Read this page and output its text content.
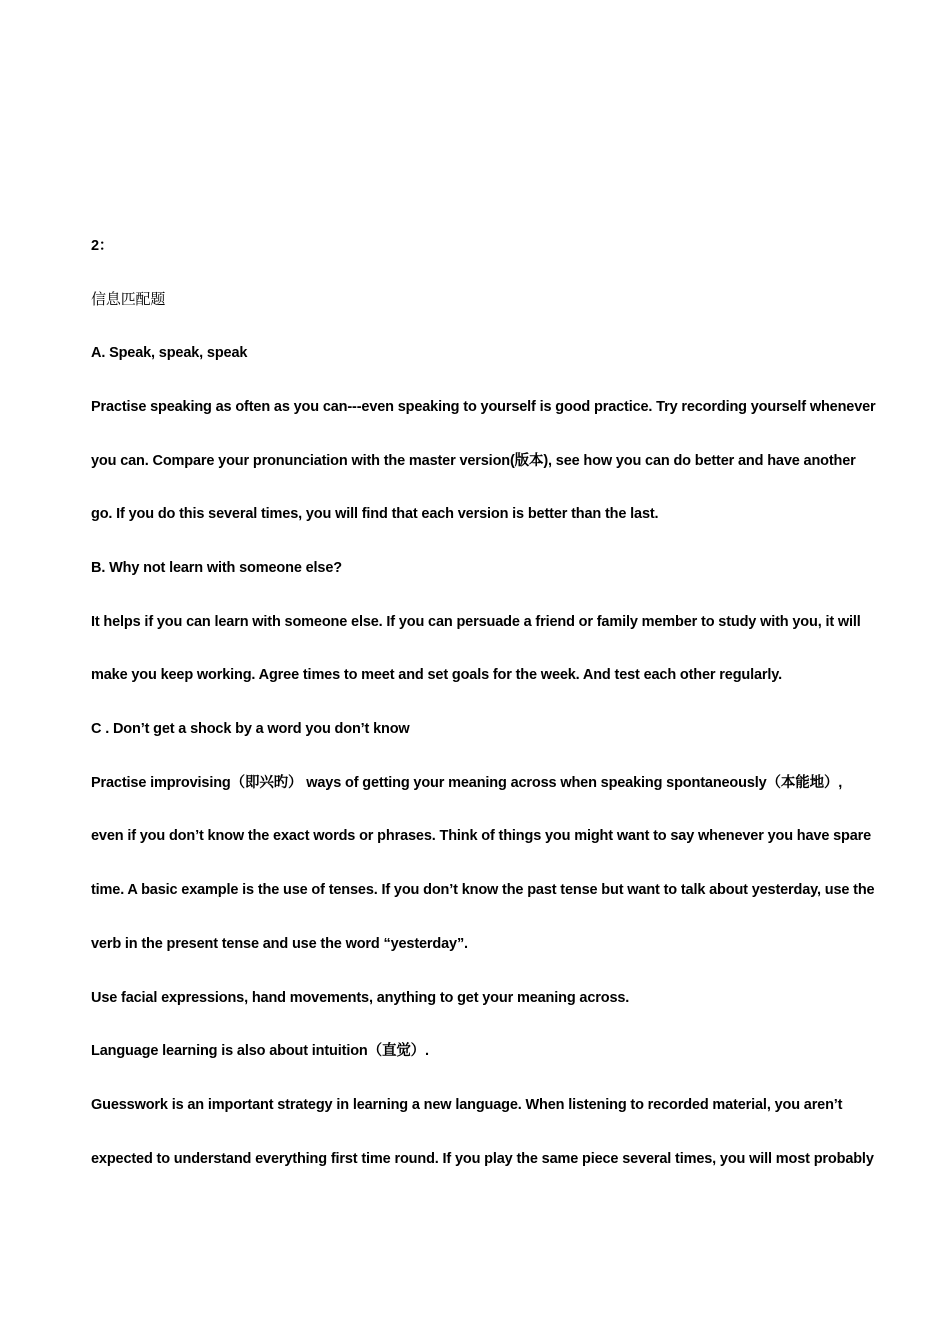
2：
信息匹配题
A. Speak, speak, speak
Practise speaking as often as you can---even speaking to yourself is good practice. Try recording yourself whenever
you can. Compare your pronunciation with the master version(版本), see how you can do better and have another
go. If you do this several times, you will find that each version is better than the last.
B. Why not learn with someone else?
It helps if you can learn with someone else. If you can persuade a friend or family member to study with you, it will
make you keep working. Agree times to meet and set goals for the week. And test each other regularly.
C . Don’t get a shock by a word you don’t know
Practise improvising（即兴旳） ways of getting your meaning across when speaking spontaneously（本能地）,
even if you don’t know the exact words or phrases. Think of things you might want to say whenever you have spare
time. A basic example is the use of tenses. If you don’t know the past tense but want to talk about yesterday, use the
verb in the present tense and use the word “yesterday”.
Use facial expressions, hand movements, anything to get your meaning across.
Language learning is also about intuition（直觉）.
Guesswork is an important strategy in learning a new language. When listening to recorded material, you aren’t
expected to understand everything first time round. If you play the same piece several times, you will most probably
